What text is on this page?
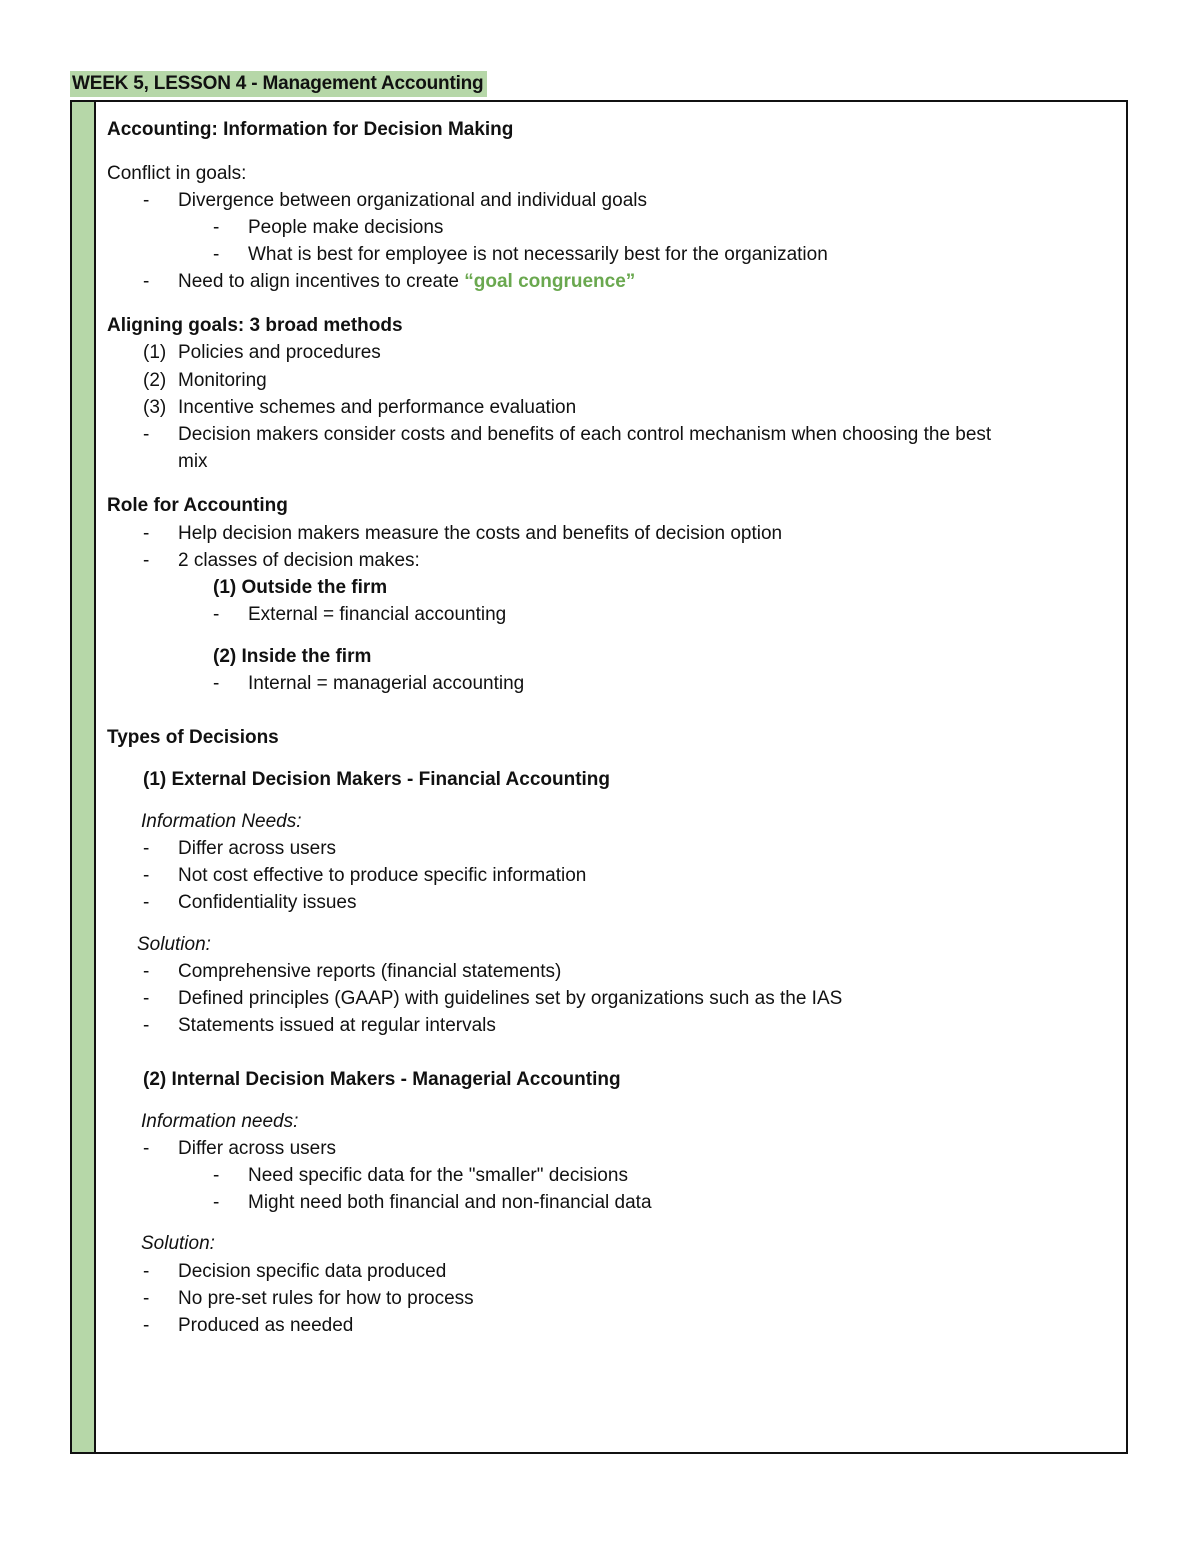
WEEK 5, LESSON 4 - Management Accounting
Accounting: Information for Decision Making
Conflict in goals:
- Divergence between organizational and individual goals
- People make decisions
- What is best for employee is not necessarily best for the organization
- Need to align incentives to create “goal congruence”
Aligning goals: 3 broad methods
(1) Policies and procedures
(2) Monitoring
(3) Incentive schemes and performance evaluation
- Decision makers consider costs and benefits of each control mechanism when choosing the best
mix
Role for Accounting
- Help decision makers measure the costs and benefits of decision option
- 2 classes of decision makes:
(1) Outside the firm
- External = financial accounting
(2) Inside the firm
- Internal = managerial accounting
Types of Decisions
(1) External Decision Makers - Financial Accounting
Information Needs:
- Differ across users
- Not cost effective to produce specific information
- Confidentiality issues
Solution:
- Comprehensive reports (financial statements)
- Defined principles (GAAP) with guidelines set by organizations such as the IAS
- Statements issued at regular intervals
(2) Internal Decision Makers - Managerial Accounting
Information needs:
- Differ across users
- Need specific data for the "smaller" decisions
- Might need both financial and non-financial data
Solution:
- Decision specific data produced
- No pre-set rules for how to process
- Produced as needed
